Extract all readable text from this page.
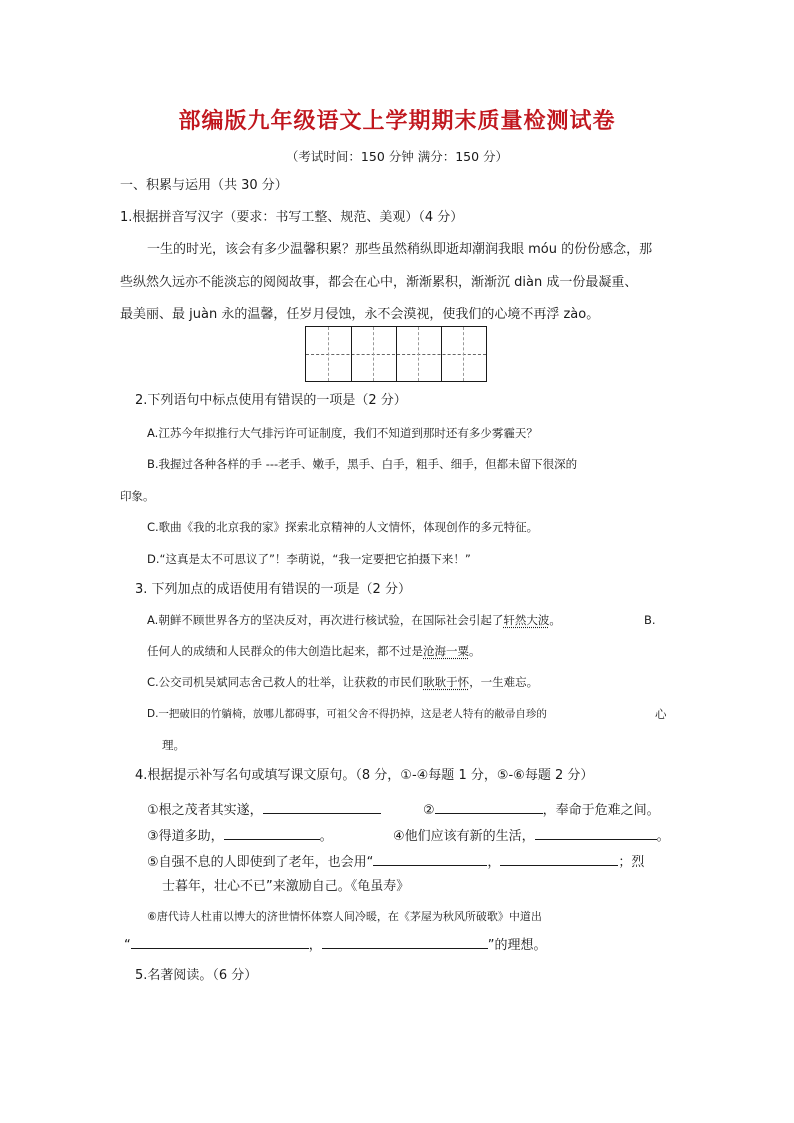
部编版九年级语文上学期期末质量检测试卷
（考试时间：150 分钟 满分：150 分）
一、积累与运用（共 30 分）
1.根据拼音写汉字（要求：书写工整、规范、美观）（4 分）
一生的时光，该会有多少温馨积累？那些虽然稍纵即逝却潮润我眼 móu 的份份感念，那
些纵然久远亦不能淡忘的阅阅故事，都会在心中，渐渐累积，渐渐沉 diàn 成一份最凝重、
最美丽、最 juàn 永的温馨，任岁月侵蚀，永不会漠视，使我们的心境不再浮 zào。
2.下列语句中标点使用有错误的一项是（2 分）
A.江苏今年拟推行大气排污许可证制度，我们不知道到那时还有多少雾霾天？
B.我握过各种各样的手 ---老手、嫩手，黑手、白手，粗手、细手，但都未留下很深的
印象。
C.歌曲《我的北京我的家》探索北京精神的人文情怀，体现创作的多元特征。
D.“这真是太不可思议了”！李萌说，“我一定要把它拍摄下来！”
3. 下列加点的成语使用有错误的一项是（2 分）
A.朝鲜不顾世界各方的坚决反对，再次进行核试验，在国际社会引起了轩然大波。	B.
任何人的成绩和人民群众的伟大创造比起来，都不过是沧海一粟。
C.公交司机吴斌同志舍己救人的壮举，让获救的市民们耿耿于怀，一生难忘。
D.一把破旧的竹躺椅，放哪儿都碍事，可祖父舍不得扔掉，这是老人特有的敝帚自珍的	心
理。
4.根据提示补写名句或填写课文原句。（8 分，①-④每题 1 分，⑤-⑥每题 2 分）
①根之茂者其实遂，	②	，奉命于危难之间。
③得道多助，	。	④他们应该有新的生活，	。
⑤自强不息的人即使到了老年，也会用“	，	；烈
士暮年，壮心不已”来激励自己。《龟虽寿》
⑥唐代诗人杜甫以博大的济世情怀体察人间冷暖，在《茅屋为秋风所破歌》中道出
“	，	”的理想。
5.名著阅读。（6 分）
